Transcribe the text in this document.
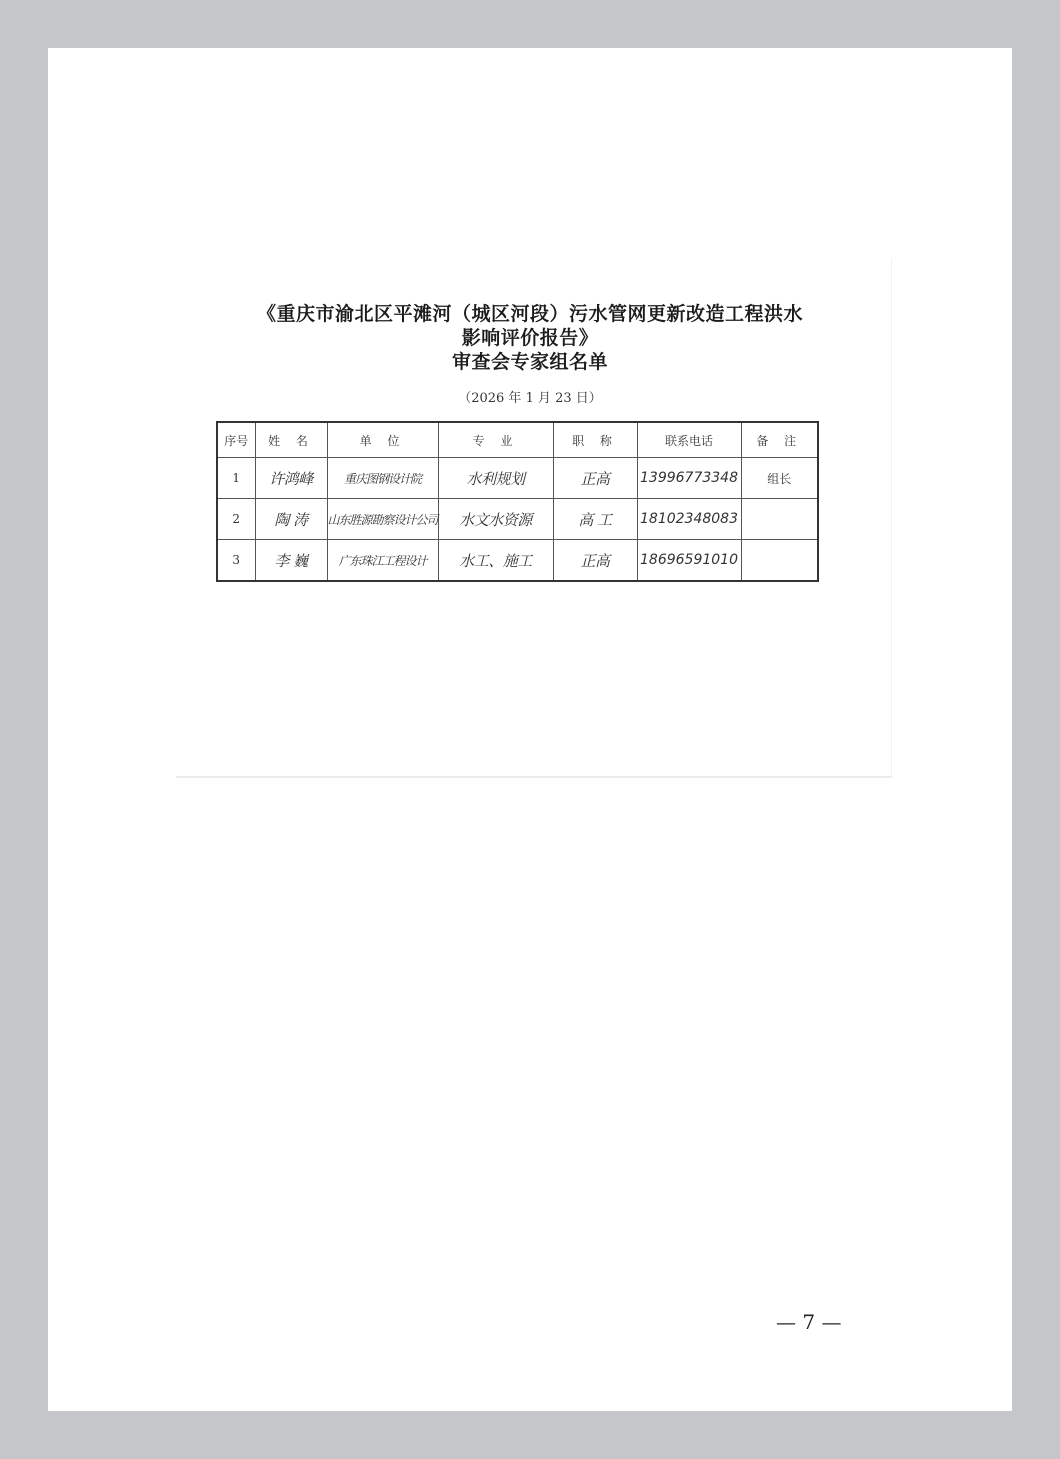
《重庆市渝北区平滩河（城区河段）污水管网更新改造工程洪水
影响评价报告》
审查会专家组名单
（2026 年 1 月 23 日）
序号	姓 名	单 位	专 业	职 称	联系电话	备 注
1	许鸿峰	重庆图钢设计院	水利规划	正高	13996773348	组长
2	陶 涛	山东胜源勘察设计公司	水文水资源	高 工	18102348083	
3	李 巍	广东珠江工程设计	水工、施工	正高	18696591010	
— 7 —
